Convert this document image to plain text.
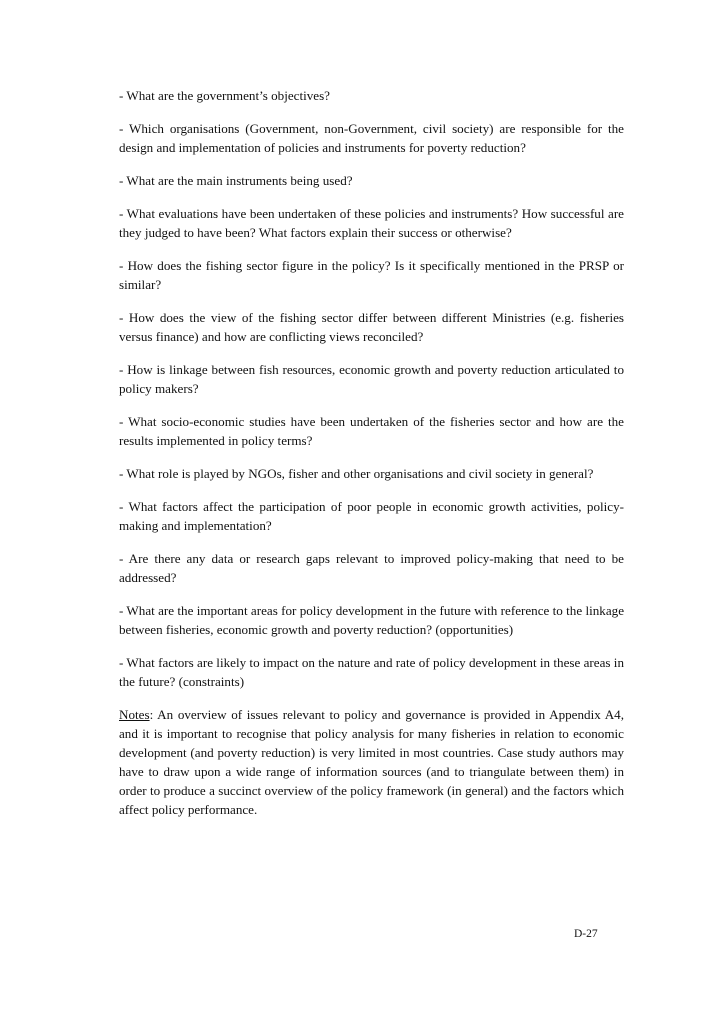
- What are the government’s objectives?

- Which organisations (Government, non-Government, civil society) are responsible for the design and implementation of policies and instruments for poverty reduction?

- What are the main instruments being used?

- What evaluations have been undertaken of these policies and instruments? How successful are they judged to have been? What factors explain their success or otherwise?

- How does the fishing sector figure in the policy? Is it specifically mentioned in the PRSP or similar?

- How does the view of the fishing sector differ between different Ministries (e.g. fisheries versus finance) and how are conflicting views reconciled?

- How is linkage between fish resources, economic growth and poverty reduction articulated to policy makers?

- What socio-economic studies have been undertaken of the fisheries sector and how are the results implemented in policy terms?

- What role is played by NGOs, fisher and other organisations and civil society in general?

- What factors affect the participation of poor people in economic growth activities, policy-making and implementation?

- Are there any data or research gaps relevant to improved policy-making that need to be addressed?

- What are the important areas for policy development in the future with reference to the linkage between fisheries, economic growth and poverty reduction? (opportunities)

- What factors are likely to impact on the nature and rate of policy development in these areas in the future? (constraints)

Notes: An overview of issues relevant to policy and governance is provided in Appendix A4, and it is important to recognise that policy analysis for many fisheries in relation to economic development (and poverty reduction) is very limited in most countries. Case study authors may have to draw upon a wide range of information sources (and to triangulate between them) in order to produce a succinct overview of the policy framework (in general) and the factors which affect policy performance.

D-27
